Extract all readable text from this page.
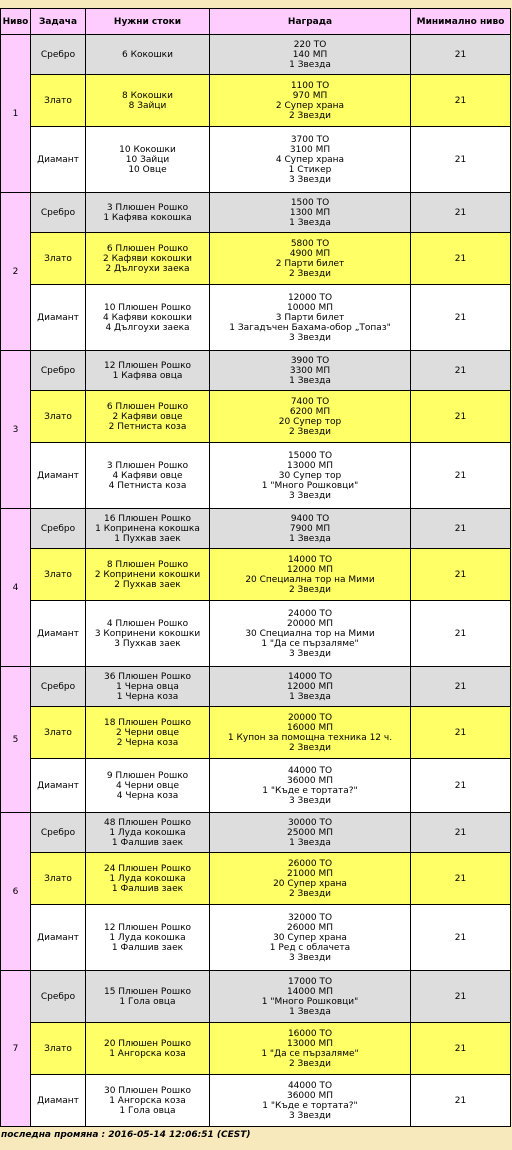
Ниво	Задача	Нужни стоки	Награда	Минимално ниво
1	Сребро	6 Кокошки	220 ТО
140 МП
1 Звезда	21
	Злато	8 Кокошки
8 Зайци	1100 ТО
970 МП
2 Супер храна
2 Звезди	21
	Диамант	10 Кокошки
10 Зайци
10 Овце	3700 ТО
3100 МП
4 Супер храна
1 Стикер
3 Звезди	21
2	Сребро	3 Плюшен Рошко
1 Кафява кокошка	1500 ТО
1300 МП
1 Звезда	21
	Злато	6 Плюшен Рошко
2 Кафяви кокошки
2 Дългоухи заека	5800 ТО
4900 МП
2 Парти билет
2 Звезди	21
	Диамант	10 Плюшен Рошко
4 Кафяви кокошки
4 Дългоухи заека	12000 ТО
10000 МП
3 Парти билет
1 Загадъчен Бахама-обор „Топаз"
3 Звезди	21
3	Сребро	12 Плюшен Рошко
1 Кафява овца	3900 ТО
3300 МП
1 Звезда	21
	Злато	6 Плюшен Рошко
2 Кафяви овце
2 Петниста коза	7400 ТО
6200 МП
20 Супер тор
2 Звезди	21
	Диамант	3 Плюшен Рошко
4 Кафяви овце
4 Петниста коза	15000 ТО
13000 МП
30 Супер тор
1 "Много Рошковци"
3 Звезди	21
4	Сребро	16 Плюшен Рошко
1 Копринена кокошка
1 Пухкав заек	9400 ТО
7900 МП
1 Звезда	21
	Злато	8 Плюшен Рошко
2 Копринени кокошки
2 Пухкав заек	14000 ТО
12000 МП
20 Специална тор на Мими
2 Звезди	21
	Диамант	4 Плюшен Рошко
3 Копринени кокошки
3 Пухкав заек	24000 ТО
20000 МП
30 Специална тор на Мими
1 "Да се пързаляме"
3 Звезди	21
5	Сребро	36 Плюшен Рошко
1 Черна овца
1 Черна коза	14000 ТО
12000 МП
1 Звезда	21
	Злато	18 Плюшен Рошко
2 Черни овце
2 Черна коза	20000 ТО
16000 МП
1 Купон за помощна техника 12 ч.
2 Звезди	21
	Диамант	9 Плюшен Рошко
4 Черни овце
4 Черна коза	44000 ТО
36000 МП
1 "Къде е тортата?"
3 Звезди	21
6	Сребро	48 Плюшен Рошко
1 Луда кокошка
1 Фалшив заек	30000 ТО
25000 МП
1 Звезда	21
	Злато	24 Плюшен Рошко
1 Луда кокошка
1 Фалшив заек	26000 ТО
21000 МП
20 Супер храна
2 Звезди	21
	Диамант	12 Плюшен Рошко
1 Луда кокошка
1 Фалшив заек	32000 ТО
26000 МП
30 Супер храна
1 Ред с облачета
3 Звезди	21
7	Сребро	15 Плюшен Рошко
1 Гола овца	17000 ТО
14000 МП
1 "Много Рошковци"
1 Звезда	21
	Злато	20 Плюшен Рошко
1 Ангорска коза	16000 ТО
13000 МП
1 "Да се пързаляме"
2 Звезди	21
	Диамант	30 Плюшен Рошко
1 Ангорска коза
1 Гола овца	44000 ТО
36000 МП
1 "Къде е тортата?"
3 Звезди	21
последна промяна : 2016-05-14 12:06:51 (CEST)
